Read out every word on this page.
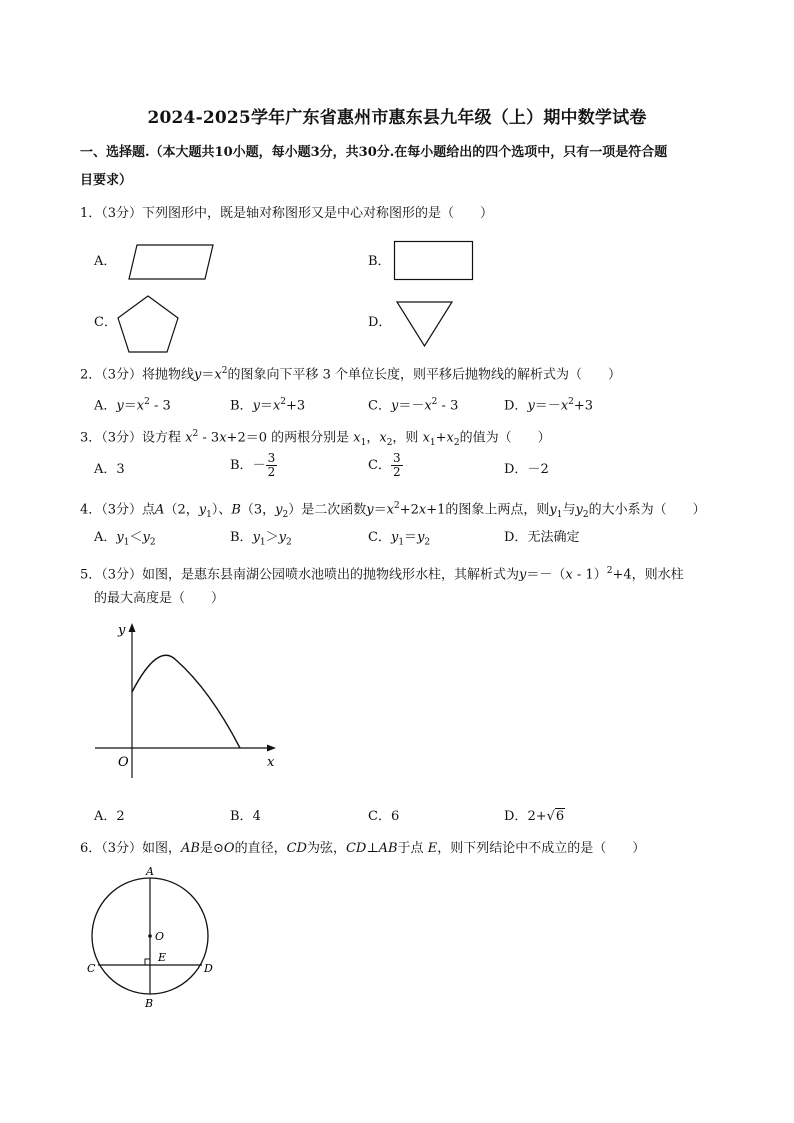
2024-2025学年广东省惠州市惠东县九年级（上）期中数学试卷
一、选择题.（本大题共10小题，每小题3分，共30分.在每小题给出的四个选项中，只有一项是符合题
目要求）
1．（3分）下列图形中，既是轴对称图形又是中心对称图形的是（　　）
A．	B．
C．	D．
2．（3分）将抛物线$y=x^2$的图象向下平移 3 个单位长度，则平移后抛物线的解析式为（　　）
A．$y=x^2 - 3$	B．$y=x^2+3$	C．$y=-x^2 - 3$	D．$y=-x^2+3$
3．（3分）设方程 $x^2 - 3x+2=0$ 的两根分别是 $x_1$，$x_2$，则 $x_1+x_2$的值为（　　）
A．3	B．－ $\frac{3}{2}$	C． $\frac{3}{2}$	D．－2
4．（3分）点A（2，$y_1$）、B（3，$y_2$）是二次函数$y=x^2+2x+1$的图象上两点，则$y_1$与$y_2$的大小系为（　　）
A．$y_1<y_2$	B．$y_1>y_2$	C．$y_1=y_2$	D．无法确定
5．（3分）如图，是惠东县南湖公园喷水池喷出的抛物线形水柱，其解析式为y＝－（x - 1）$^2$+4，则水柱
的最大高度是（　　）
y
x
O
A．2	B．4	C．6	D．2+√6
6．（3分）如图，AB是⊙O的直径，CD为弦，CD⊥AB于点 E，则下列结论中不成立的是（　　）
A
B
C	D
E
O
